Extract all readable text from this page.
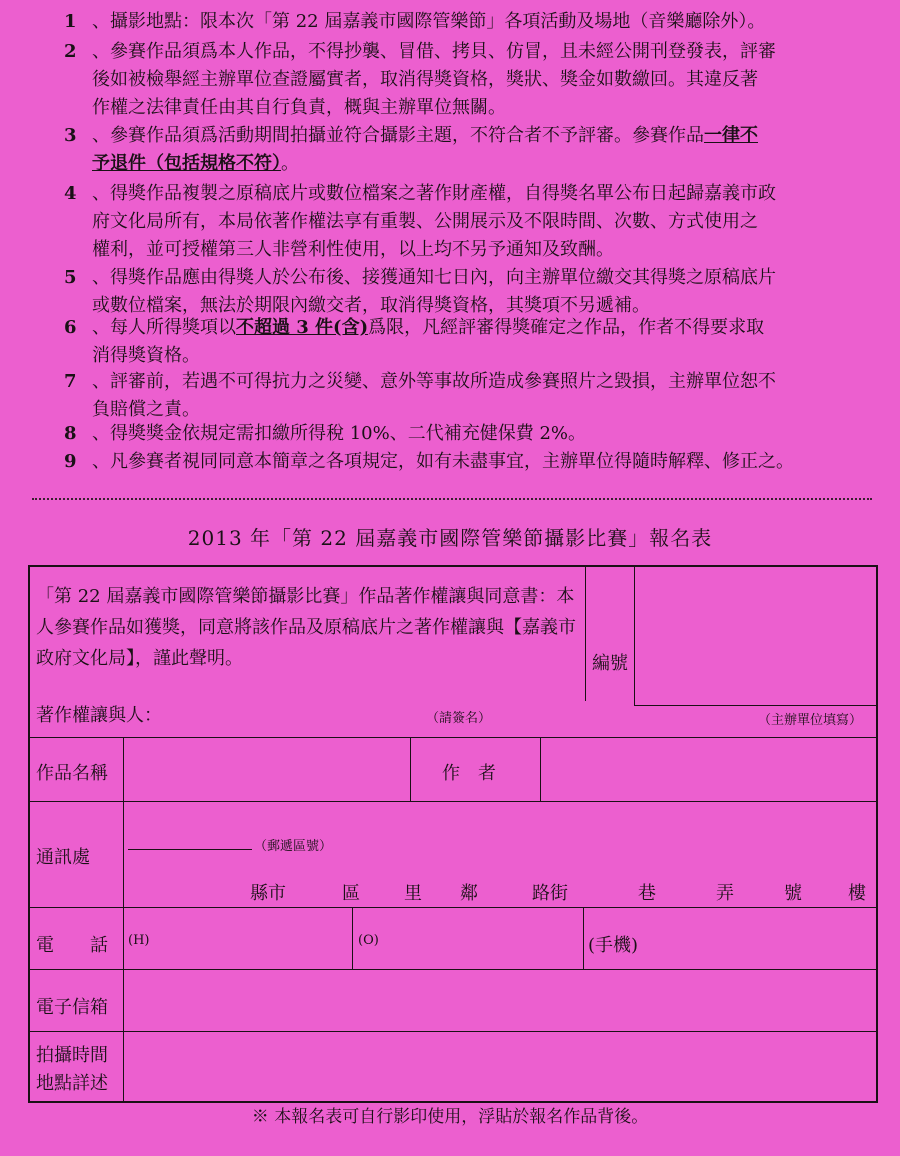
1 、攝影地點：限本次「第 22 屆嘉義市國際管樂節」各項活動及場地（音樂廳除外）。
2 、參賽作品須爲本人作品，不得抄襲、冒借、拷貝、仿冒，且未經公開刊登發表，評審
後如被檢舉經主辦單位查證屬實者，取消得獎資格，獎狀、獎金如數繳回。其違反著
作權之法律責任由其自行負責，概與主辦單位無關。
3 、參賽作品須爲活動期間拍攝並符合攝影主題，不符合者不予評審。參賽作品一律不
予退件（包括規格不符）。
4 、得獎作品複製之原稿底片或數位檔案之著作財產權，自得獎名單公布日起歸嘉義市政
府文化局所有，本局依著作權法享有重製、公開展示及不限時間、次數、方式使用之
權利，並可授權第三人非營利性使用，以上均不另予通知及致酬。
5 、得獎作品應由得獎人於公布後、接獲通知七日內，向主辦單位繳交其得獎之原稿底片
或數位檔案，無法於期限內繳交者，取消得獎資格，其獎項不另遞補。
6 、每人所得獎項以不超過 3 件(含)爲限，凡經評審得獎確定之作品，作者不得要求取
消得獎資格。
7 、評審前，若遇不可得抗力之災變、意外等事故所造成參賽照片之毀損，主辦單位恕不
負賠償之責。
8 、得獎獎金依規定需扣繳所得稅 10%、二代補充健保費 2%。
9 、凡參賽者視同同意本簡章之各項規定，如有未盡事宜，主辦單位得隨時解釋、修正之。
2013 年「第 22 屆嘉義市國際管樂節攝影比賽」報名表
「第 22 屆嘉義市國際管樂節攝影比賽」作品著作權讓與同意書：本人參賽作品如獲獎，同意將該作品及原稿底片之著作權讓與【嘉義市政府文化局】，謹此聲明。
著作權讓與人：	（請簽名）
編號
（主辦單位填寫）
作品名稱	作　者
通訊處
（郵遞區號）
縣市	區 里 鄰	路街	巷	弄	號	樓
電　　話 (H)	(O)	(手機)
電子信箱
拍攝時間
地點詳述
※ 本報名表可自行影印使用，浮貼於報名作品背後。
